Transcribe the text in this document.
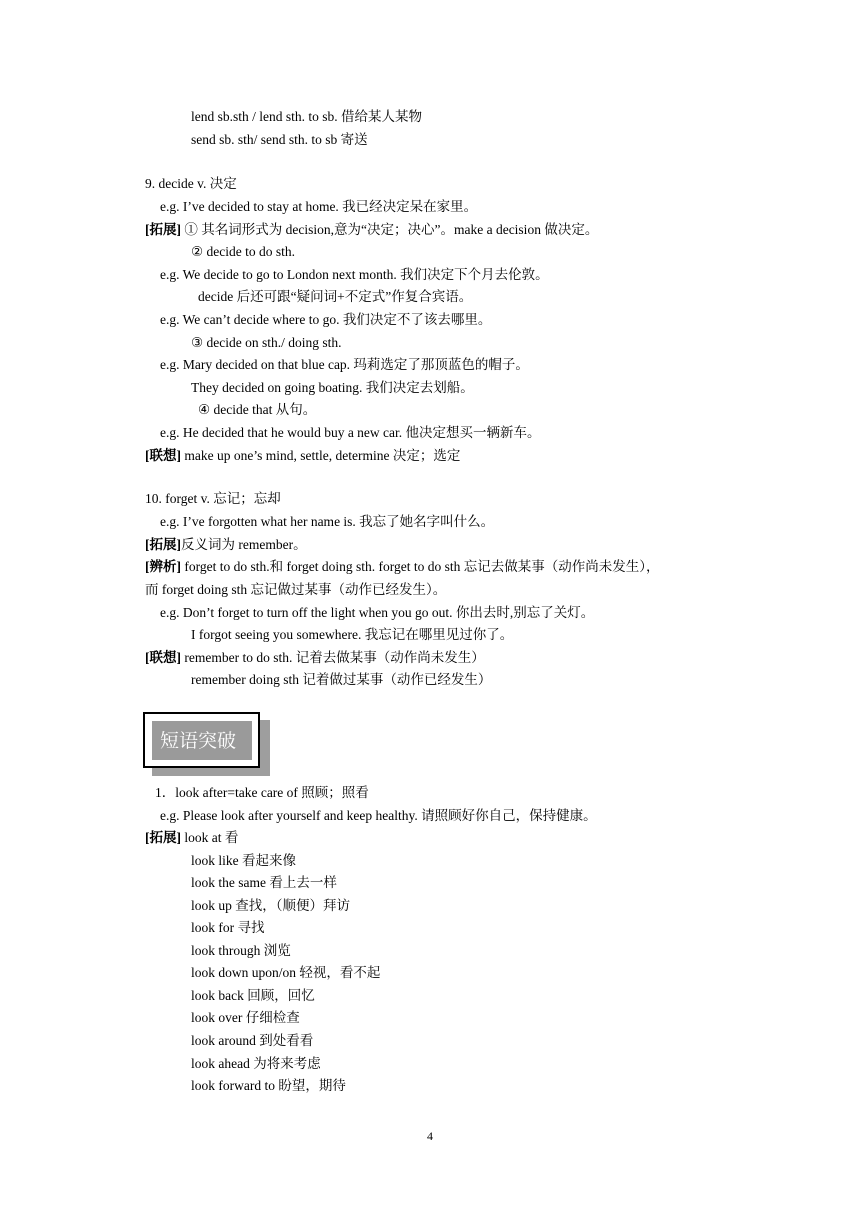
lend sb.sth / lend sth. to sb. 借给某人某物
send sb. sth/ send sth. to sb 寄送
9. decide v. 决定
e.g. I’ve decided to stay at home. 我已经决定呆在家里。
[拓展] ① 其名词形式为 decision,意为“决定；决心”。make a decision 做决定。
② decide to do sth.
e.g. We decide to go to London next month. 我们决定下个月去伦敦。
decide 后还可跟“疑问词+不定式”作复合宾语。
e.g. We can’t decide where to go. 我们决定不了该去哪里。
③ decide on sth./ doing sth.
e.g. Mary decided on that blue cap. 玛莉选定了那顶蓝色的帽子。
They decided on going boating. 我们决定去划船。
④ decide that 从句。
e.g. He decided that he would buy a new car. 他决定想买一辆新车。
[联想] make up one’s mind, settle, determine 决定；选定
10. forget v. 忘记；忘却
e.g. I’ve forgotten what her name is. 我忘了她名字叫什么。
[拓展]反义词为 remember。
[辨析] forget to do sth.和 forget doing sth. forget to do sth 忘记去做某事（动作尚未发生），
而 forget doing sth 忘记做过某事（动作已经发生）。
e.g. Don’t forget to turn off the light when you go out. 你出去时,别忘了关灯。
I forgot seeing you somewhere. 我忘记在哪里见过你了。
[联想] remember to do sth. 记着去做某事（动作尚未发生）
remember doing sth 记着做过某事（动作已经发生）
短语突破
1．look after=take care of 照顾；照看
e.g. Please look after yourself and keep healthy. 请照顾好你自己，保持健康。
[拓展] look at 看
look like 看起来像
look the same 看上去一样
look up 查找，（顺便）拜访
look for 寻找
look through 浏览
look down upon/on 轻视，看不起
look back 回顾，回忆
look over 仔细检查
look around 到处看看
look ahead 为将来考虑
look forward to 盼望，期待
4
